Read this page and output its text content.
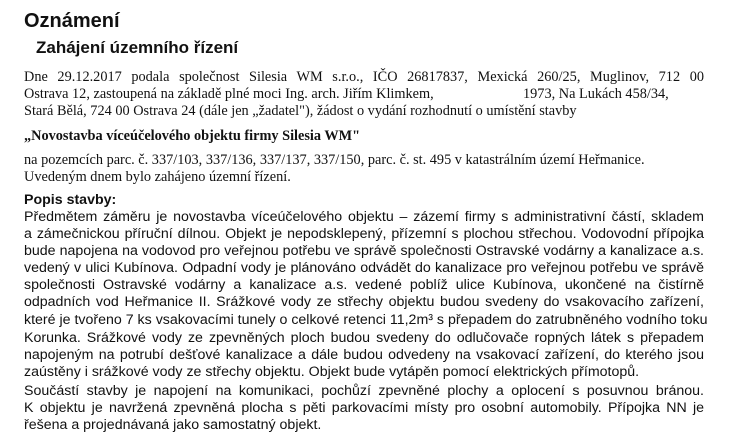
Oznámení
Zahájení územního řízení
Dne 29.12.2017 podala společnost Silesia WM s.r.o., IČO 26817837, Mexická 260/25, Muglinov, 712 00
Ostrava 12, zastoupená na základě plné moci Ing. arch. Jiřím Klimkem,	1973, Na Lukách 458/34,
Stará Bělá, 724 00 Ostrava 24 (dále jen „žadatel"), žádost o vydání rozhodnutí o umístění stavby
„Novostavba víceúčelového objektu firmy Silesia WM"
na pozemcích parc. č. 337/103, 337/136, 337/137, 337/150, parc. č. st. 495 v katastrálním území Heřmanice.
Uvedeným dnem bylo zahájeno územní řízení.
Popis stavby:
Předmětem záměru je novostavba víceúčelového objektu – zázemí firmy s administrativní částí, skladem
a zámečnickou příruční dílnou. Objekt je nepodsklepený, přízemní s plochou střechou. Vodovodní přípojka
bude napojena na vodovod pro veřejnou potřebu ve správě společnosti Ostravské vodárny a kanalizace a.s.
vedený v ulici Kubínova. Odpadní vody je plánováno odvádět do kanalizace pro veřejnou potřebu ve správě
společnosti Ostravské vodárny a kanalizace a.s. vedené poblíž ulice Kubínova, ukončené na čistírně
odpadních vod Heřmanice II. Srážkové vody ze střechy objektu budou svedeny do vsakovacího zařízení,
které je tvořeno 7 ks vsakovacími tunely o celkové retenci 11,2m³ s přepadem do zatrubněného vodního toku
Korunka. Srážkové vody ze zpevněných ploch budou svedeny do odlučovače ropných látek s přepadem
napojeným na potrubí dešťové kanalizace a dále budou odvedeny na vsakovací zařízení, do kterého jsou
zaústěny i srážkové vody ze střechy objektu. Objekt bude vytápěn pomocí elektrických přímotopů.
Součástí stavby je napojení na komunikaci, pochůzí zpevněné plochy a oplocení s posuvnou bránou.
K objektu je navržená zpevněná plocha s pěti parkovacími místy pro osobní automobily. Přípojka NN je
řešena a projednávaná jako samostatný objekt.
